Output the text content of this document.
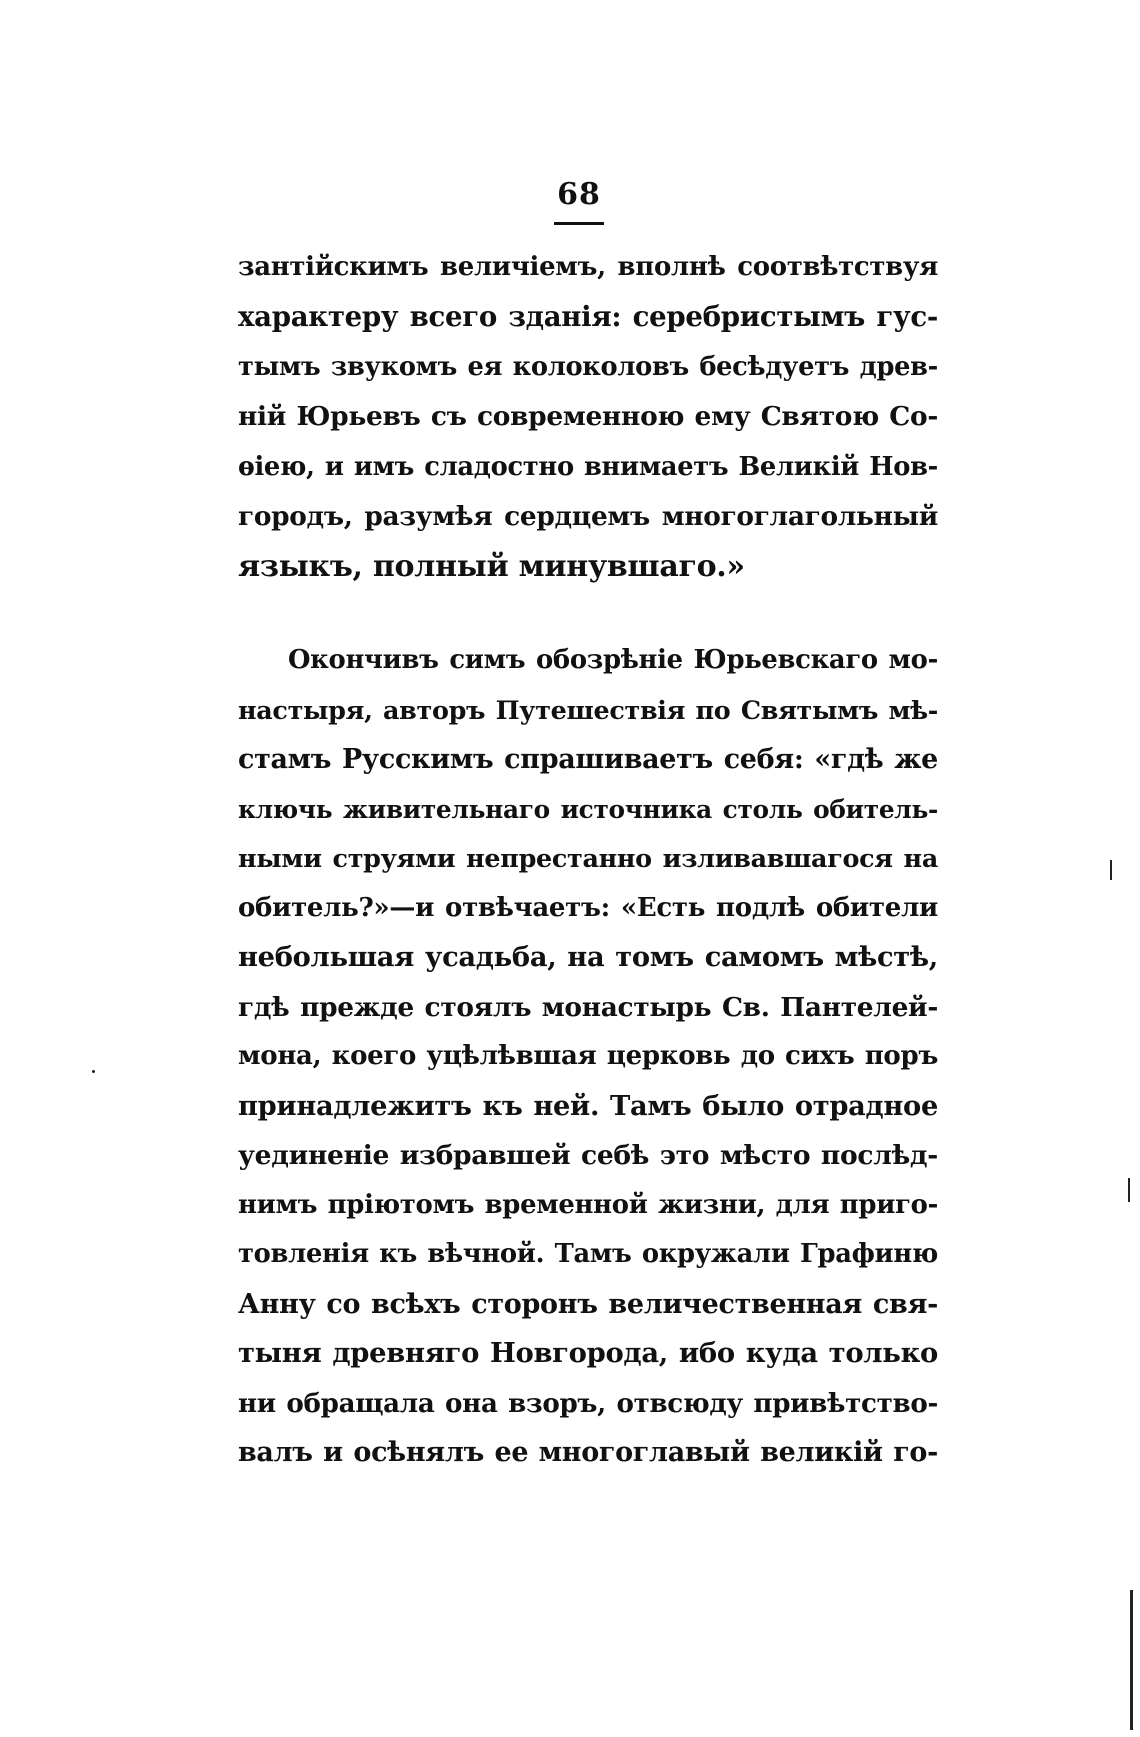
68
зантійскимъ величіемъ, вполнѣ соотвѣтствуя
характеру всего зданія: серебристымъ гус-
тымъ звукомъ ея колоколовъ бесѣдуетъ древ-
ній Юрьевъ съ современною ему Святою Со-
ѳіею, и имъ сладостно внимаетъ Великій Нов-
городъ, разумѣя сердцемъ многоглагольный
языкъ, полный минувшаго.»
Окончивъ симъ обозрѣніе Юрьевскаго мо-
настыря, авторъ Путешествія по Святымъ мѣ-
стамъ Русскимъ спрашиваетъ себя: «гдѣ же
ключь живительнаго источника столь обитель-
ными струями непрестанно изливавшагося на
обитель?»—и отвѣчаетъ: «Есть подлѣ обители
небольшая усадьба, на томъ самомъ мѣстѣ,
гдѣ прежде стоялъ монастырь Св. Пантелей-
мона, коего уцѣлѣвшая церковь до сихъ поръ
принадлежитъ къ ней. Тамъ было отрадное
уединеніе избравшей себѣ это мѣсто послѣд-
нимъ пріютомъ временной жизни, для приго-
товленія къ вѣчной. Тамъ окружали Графиню
Анну со всѣхъ сторонъ величественная свя-
тыня древняго Новгорода, ибо куда только
ни обращала она взоръ, отвсюду привѣтство-
валъ и осѣнялъ ее многоглавый великій го-
